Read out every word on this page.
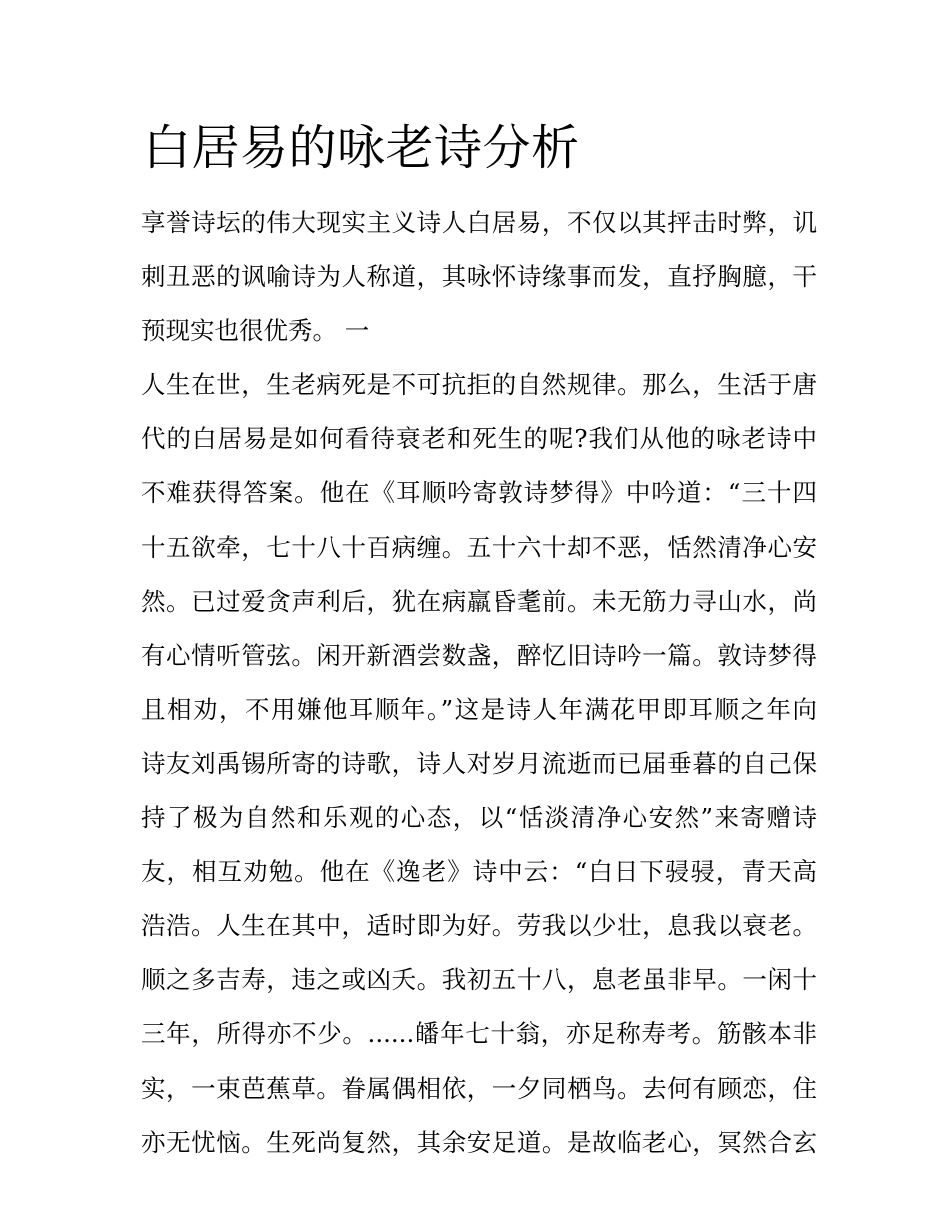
白居易的咏老诗分析
享誉诗坛的伟大现实主义诗人白居易，不仅以其抨击时弊，讥
刺丑恶的讽喻诗为人称道，其咏怀诗缘事而发，直抒胸臆，干
预现实也很优秀。 一
人生在世，生老病死是不可抗拒的自然规律。那么，生活于唐
代的白居易是如何看待衰老和死生的呢?我们从他的咏老诗中
不难获得答案。他在《耳顺吟寄敦诗梦得》中吟道：“三十四
十五欲牵，七十八十百病缠。五十六十却不恶，恬然清净心安
然。已过爱贪声利后，犹在病羸昏耄前。未无筋力寻山水，尚
有心情听管弦。闲开新酒尝数盏，醉忆旧诗吟一篇。敦诗梦得
且相劝，不用嫌他耳顺年。”这是诗人年满花甲即耳顺之年向
诗友刘禹锡所寄的诗歌，诗人对岁月流逝而已届垂暮的自己保
持了极为自然和乐观的心态，以“恬淡清净心安然”来寄赠诗
友，相互劝勉。他在《逸老》诗中云：“白日下骎骎，青天高
浩浩。人生在其中，适时即为好。劳我以少壮，息我以衰老。
顺之多吉寿，违之或凶夭。我初五十八，息老虽非早。一闲十
三年，所得亦不少。......皤年七十翁，亦足称寿考。筋骸本非
实，一束芭蕉草。眷属偶相依，一夕同栖鸟。去何有顾恋，住
亦无忧恼。生死尚复然，其余安足道。是故临老心，冥然合玄
